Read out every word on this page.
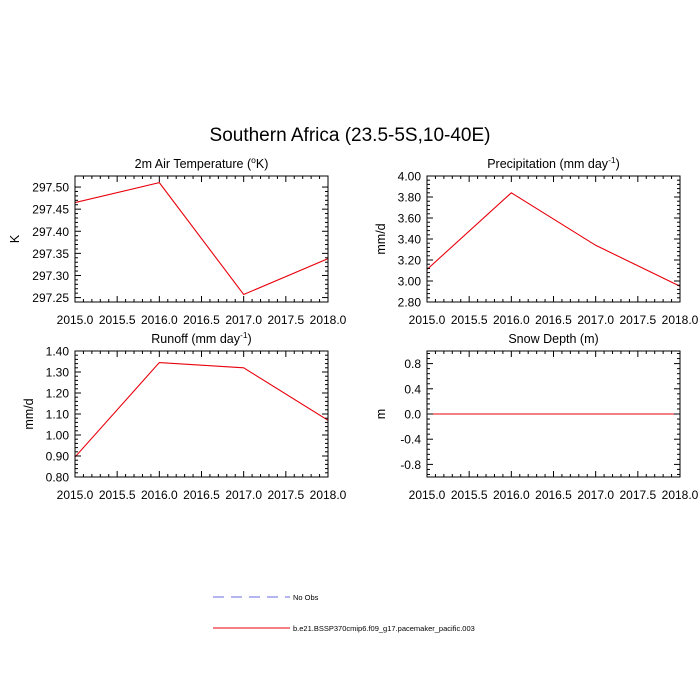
Southern Africa (23.5-5S,10-40E)
2015.0 2015.5 2016.0 2016.5 2017.0 2017.5 2018.0
297.25
297.30
297.35
297.40
297.45
297.50
2m Air Temperature ($^o$K)
K
2015.0 2015.5 2016.0 2016.5 2017.0 2017.5 2018.0
2.80
3.00
3.20
3.40
3.60
3.80
4.00
Precipitation (mm day$^{-1}$)
mm/d
2015.0 2015.5 2016.0 2016.5 2017.0 2017.5 2018.0
0.80
0.90
1.00
1.10
1.20
1.30
1.40
Runoff (mm day$^{-1}$)
mm/d
2015.0 2015.5 2016.0 2016.5 2017.0 2017.5 2018.0
-0.8
-0.4
0.0
0.4
0.8
Snow Depth (m)
m
No Obs
b.e21.BSSP370cmip6.f09_g17.pacemaker_pacific.003
